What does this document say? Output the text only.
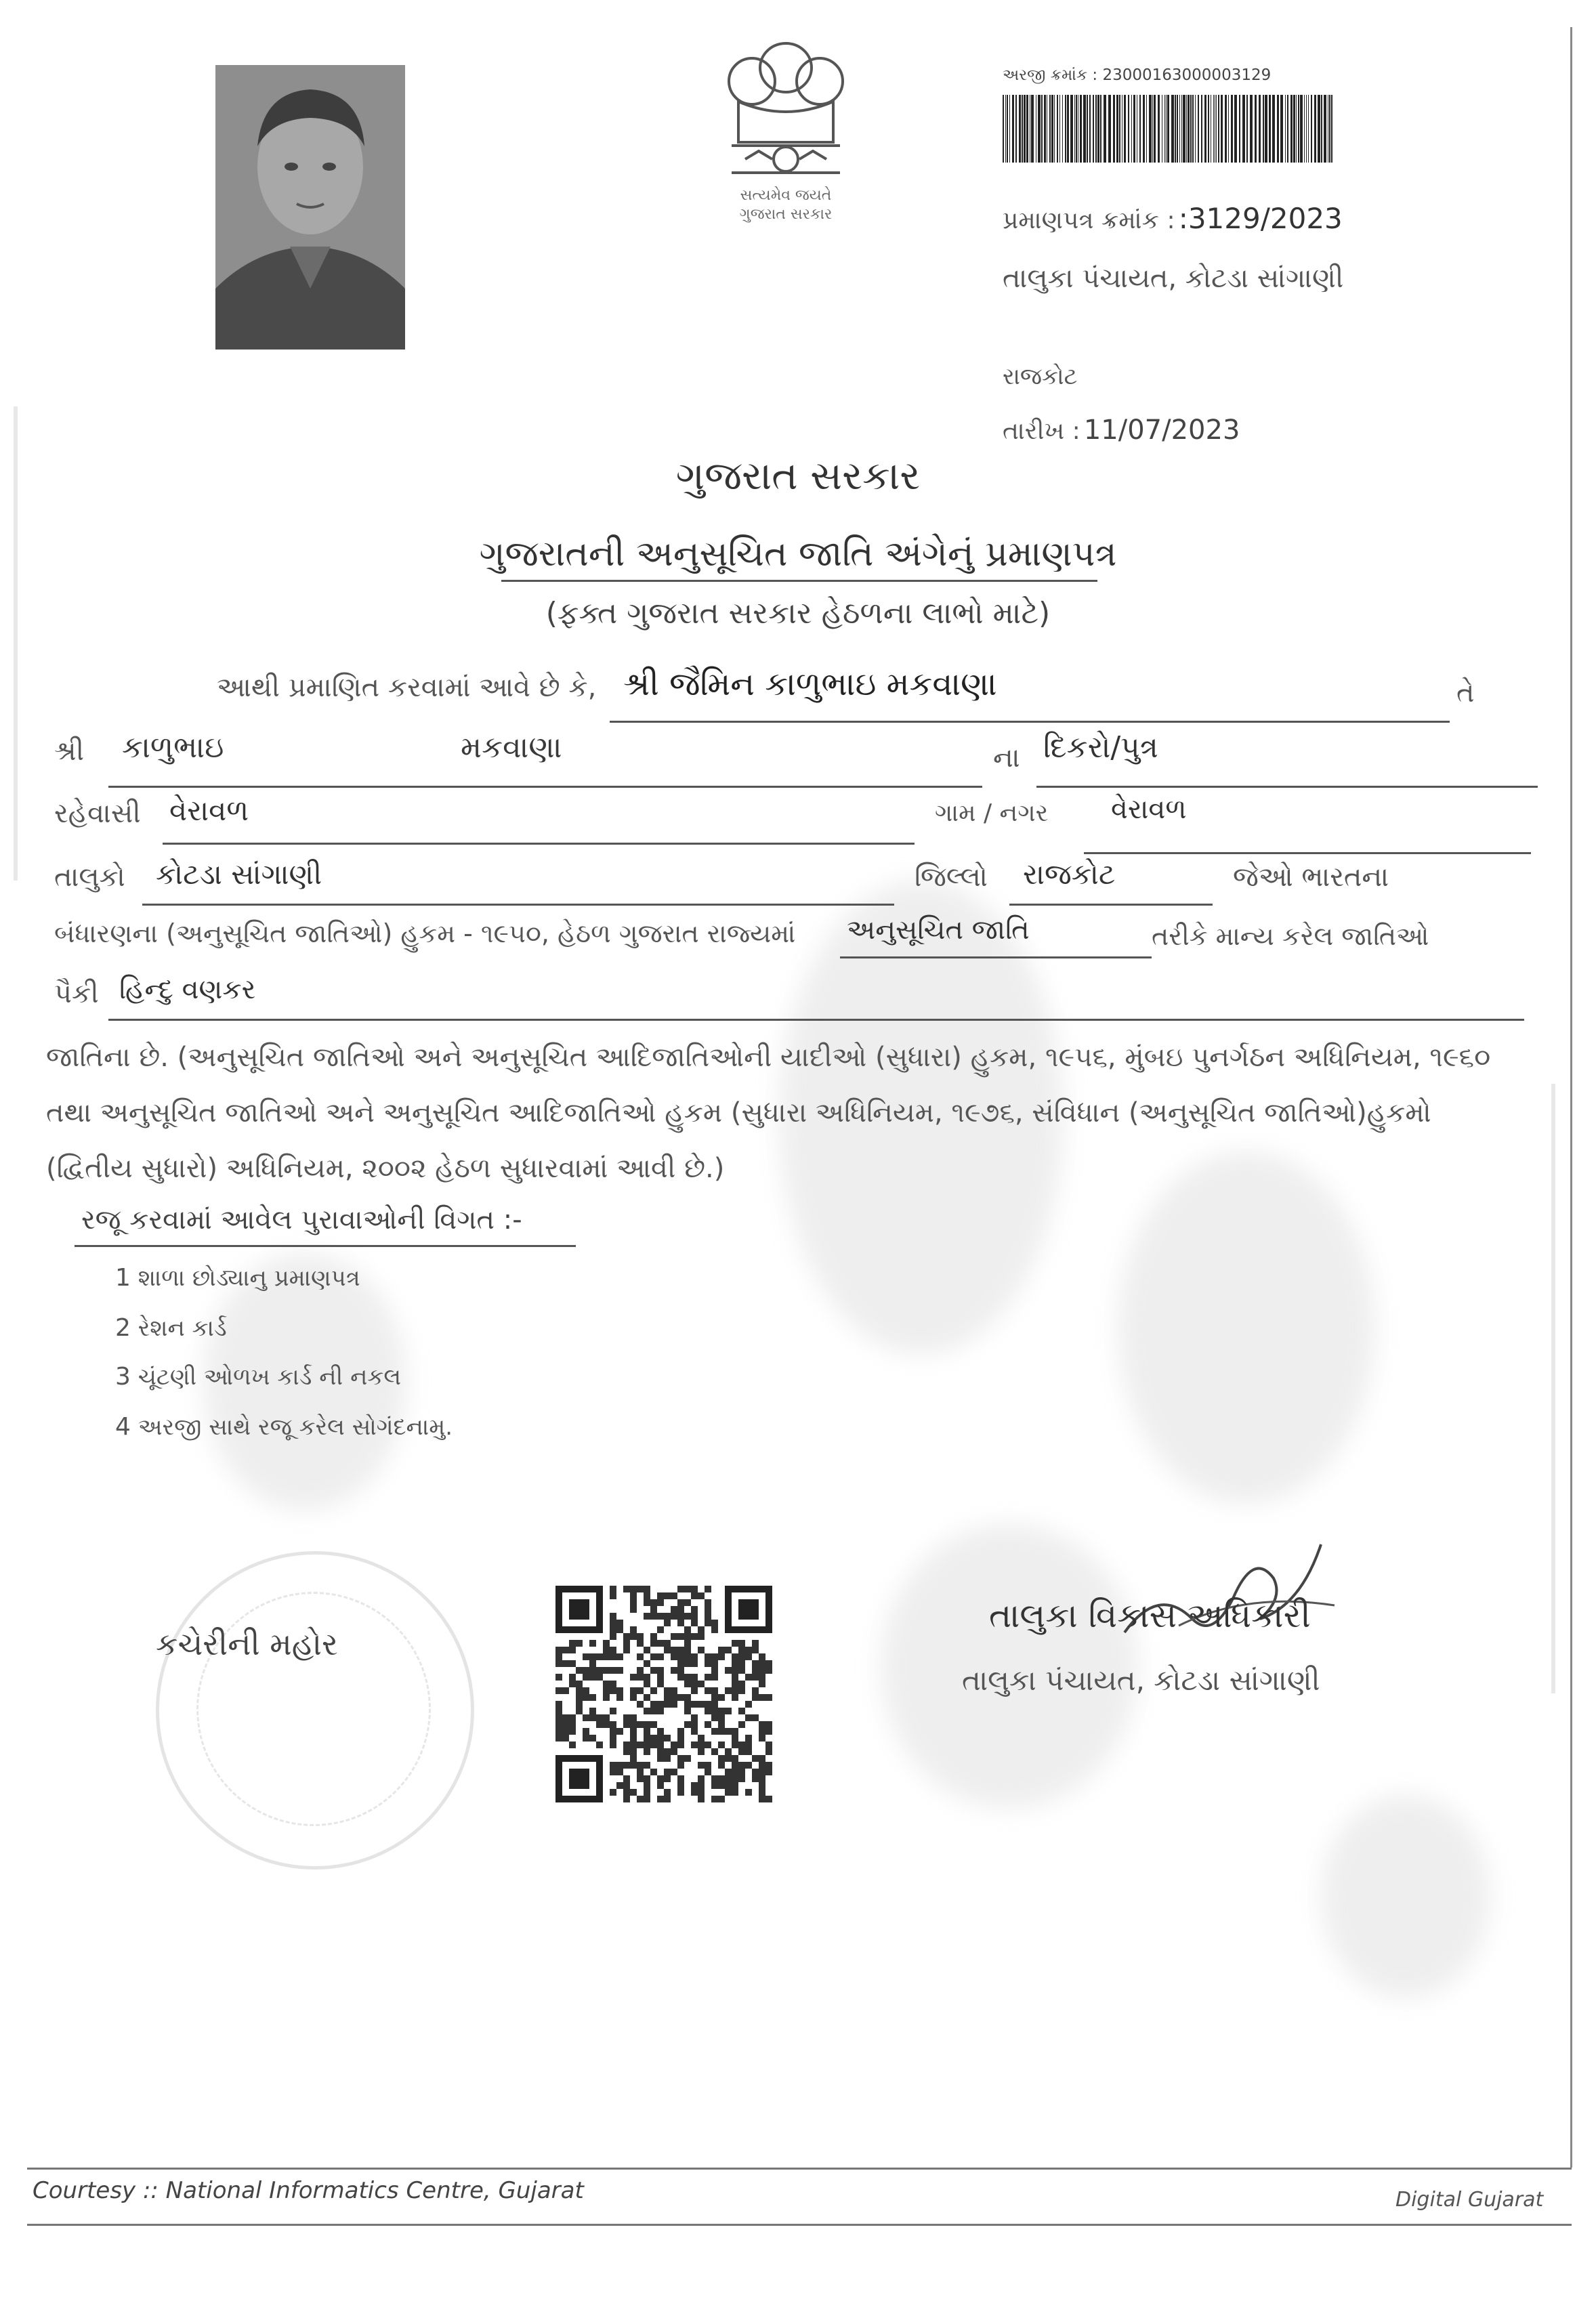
સત્યમેવ જયતે
ગુજરાત સરકાર
અરજી ક્રમાંક : 23000163000003129
પ્રમાણપત્ર ક્રમાંક : :3129/2023
તાલુકા પંચાયત, કોટડા સાંગાણી
રાજકોટ
તારીખ : 11/07/2023
ગુજરાત સરકાર
ગુજરાતની અનુસૂચિત જાતિ અંગેનું પ્રમાણપત્ર
(ફક્ત ગુજરાત સરકાર હેઠળના લાભો માટે)
આથી પ્રમાણિત કરવામાં આવે છે કે, શ્રી જૈમિન કાળુભાઇ મકવાણા	તે
શ્રી કાળુભાઇ	મકવાણા	ના દિકરો/પુત્ર
રહેવાસી વેરાવળ	ગામ / નગર વેરાવળ
તાલુકો કોટડા સાંગાણી	જિલ્લો રાજકોટ	જેઓ ભારતના
બંધારણના (અનુસૂચિત જાતિઓ) હુકમ - ૧૯૫૦, હેઠળ ગુજરાત રાજ્યમાં અનુસૂચિત જાતિ	તરીકે માન્ય કરેલ જાતિઓ
પૈકી હિન્દુ વણકર
જાતિના છે. (અનુસૂચિત જાતિઓ અને અનુસૂચિત આદિજાતિઓની યાદીઓ (સુધારા) હુકમ, ૧૯૫૬, મુંબઇ પુનર્ગઠન અધિનિયમ, ૧૯૬૦ તથા અનુસૂચિત જાતિઓ અને અનુસૂચિત આદિજાતિઓ હુકમ (સુધારા અધિનિયમ, ૧૯૭૬, સંવિધાન (અનુસૂચિત જાતિઓ)હુકમો (દ્વિતીય સુધારો) અધિનિયમ, ૨૦૦૨ હેઠળ સુધારવામાં આવી છે.)
રજૂ કરવામાં આવેલ પુરાવાઓની વિગત :-
1 શાળા છોડ્યાનુ પ્રમાણપત્ર
2 રેશન કાર્ડ
3 ચૂંટણી ઓળખ કાર્ડ ની નકલ
4 અરજી સાથે રજૂ કરેલ સોગંદનામુ.
કચેરીની મહોર
તાલુકા વિકાસ અધિકારી
તાલુકા પંચાયત, કોટડા સાંગાણી
Courtesy :: National Informatics Centre, Gujarat	Digital Gujarat
